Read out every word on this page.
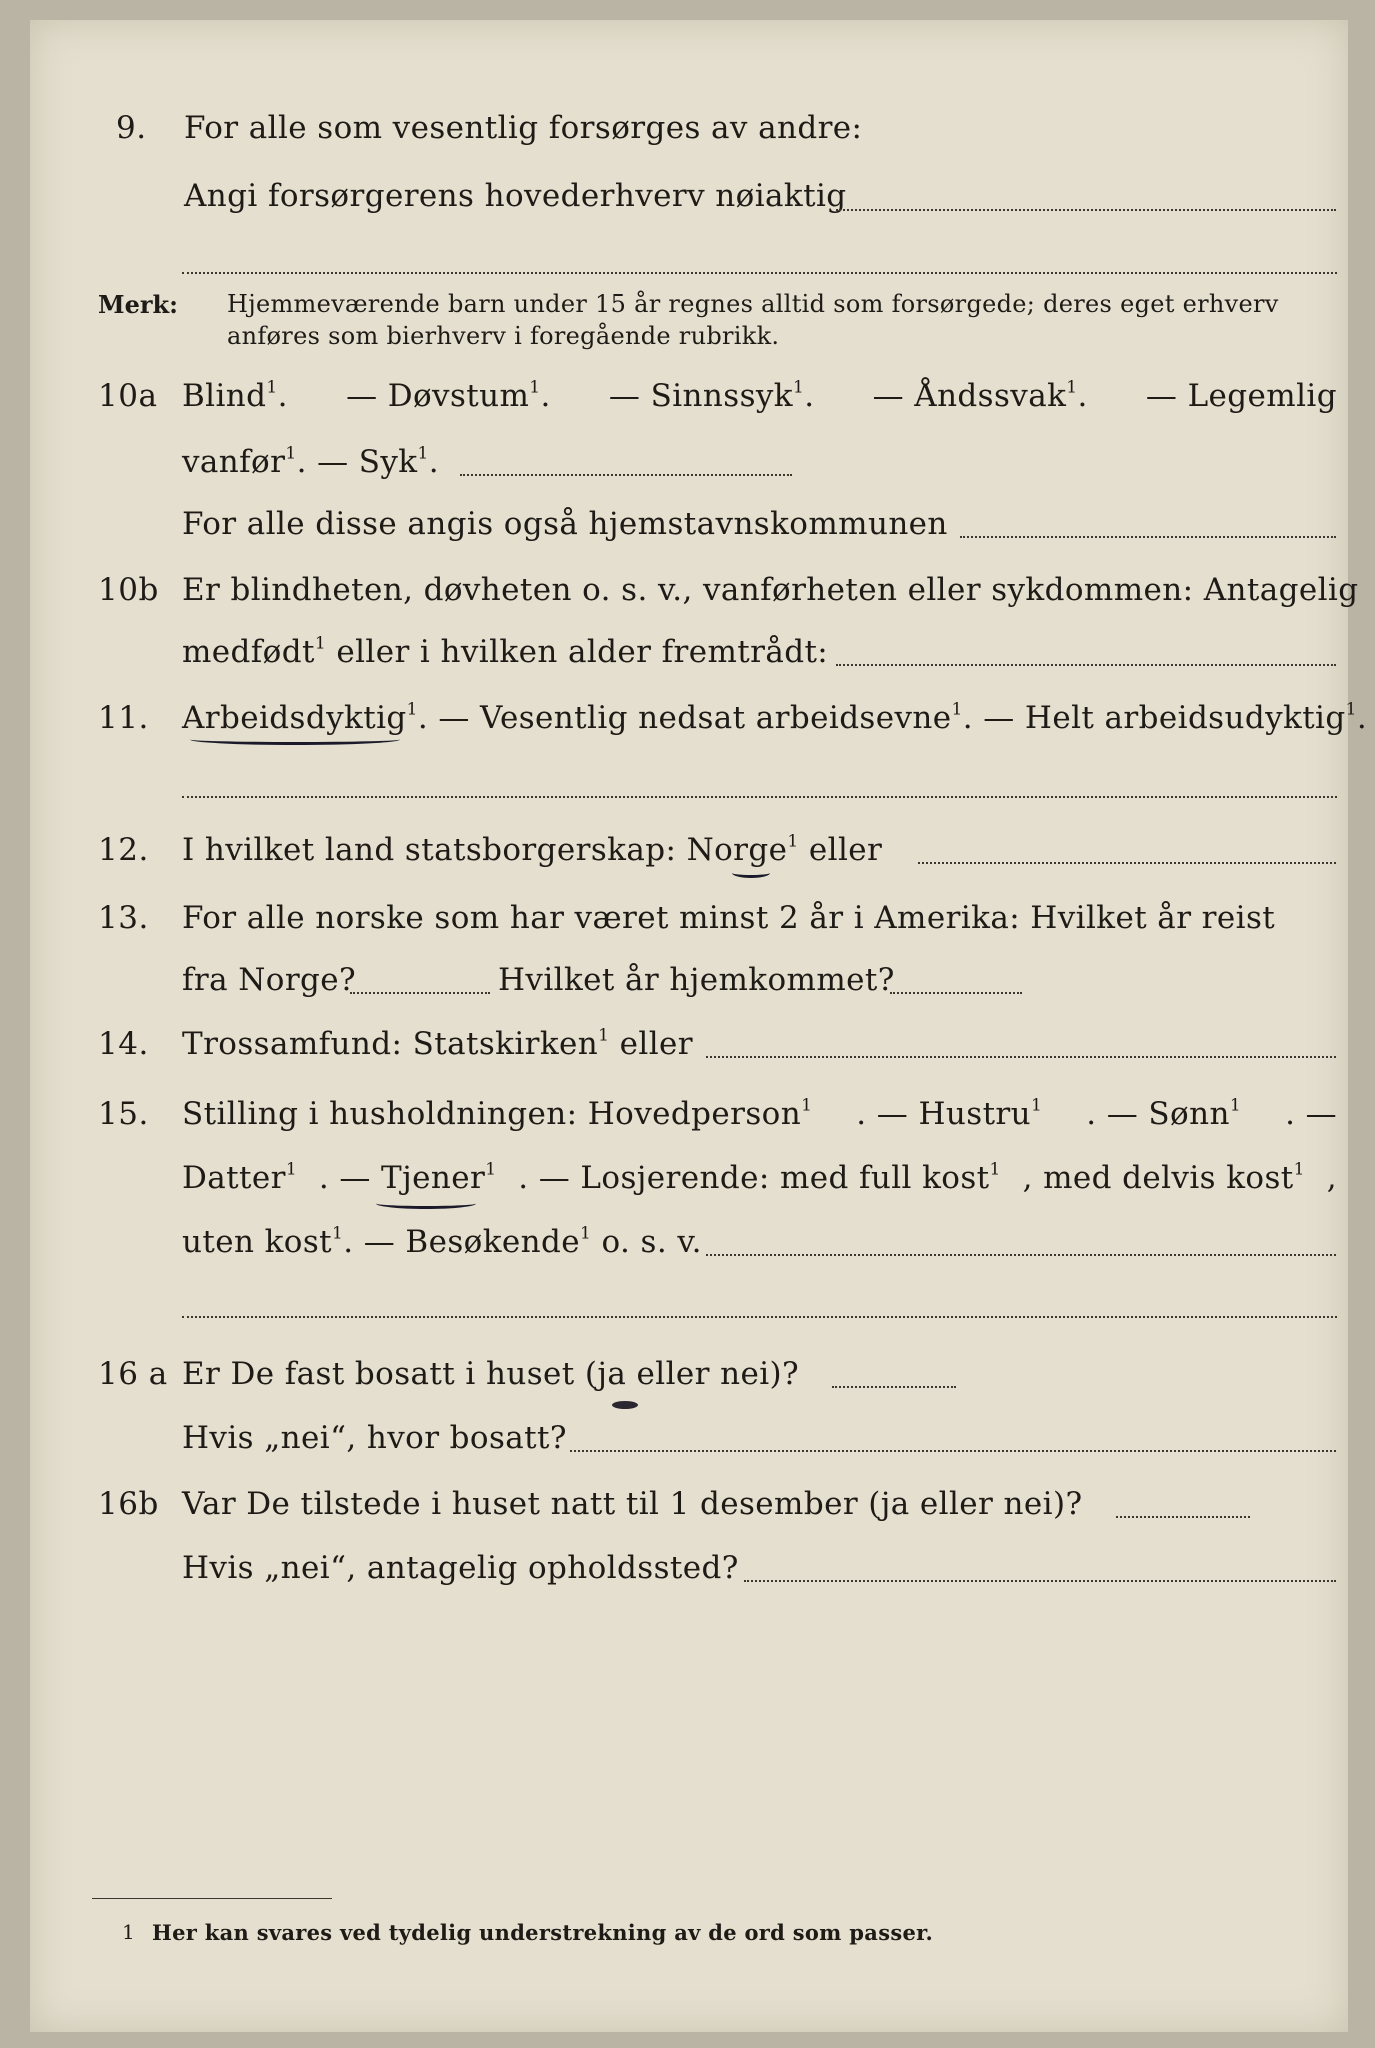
9. For alle som vesentlig forsørges av andre:
Angi forsørgerens hovederhverv nøiaktig
Merk: Hjemmeværende barn under 15 år regnes alltid som forsørgede; deres eget erhverv
anføres som bierhverv i foregående rubrikk.
10a Blind$^1$. — Døvstum$^1$. — Sinnssyk$^1$. — Åndssvak$^1$. — Legemlig
vanfør$^1$. — Syk$^1$.
For alle disse angis også hjemstavnskommunen
10b Er blindheten, døvheten o. s. v., vanførheten eller sykdommen: Antagelig
medfødt$^1$ eller i hvilken alder fremtrådt:
11. Arbeidsdyktig$^1$. — Vesentlig nedsat arbeidsevne$^1$. — Helt arbeidsudyktig$^1$.
12. I hvilket land statsborgerskap: Norge$^1$ eller
13. For alle norske som har været minst 2 år i Amerika: Hvilket år reist
fra Norge?	Hvilket år hjemkommet?
14. Trossamfund: Statskirken$^1$ eller
15. Stilling i husholdningen: Hovedperson$^1$ . — Hustru$^1$ . — Sønn$^1$ . —
Datter$^1$ . — Tjener$^1$ . — Losjerende: med full kost$^1$ , med delvis kost$^1$ ,
uten kost$^1$. — Besøkende$^1$ o. s. v.
16 a Er De fast bosatt i huset (ja eller nei)?
Hvis „nei“, hvor bosatt?
16b Var De tilstede i huset natt til 1 desember (ja eller nei)?
Hvis „nei“, antagelig opholdssted?
1 Her kan svares ved tydelig understrekning av de ord som passer.
